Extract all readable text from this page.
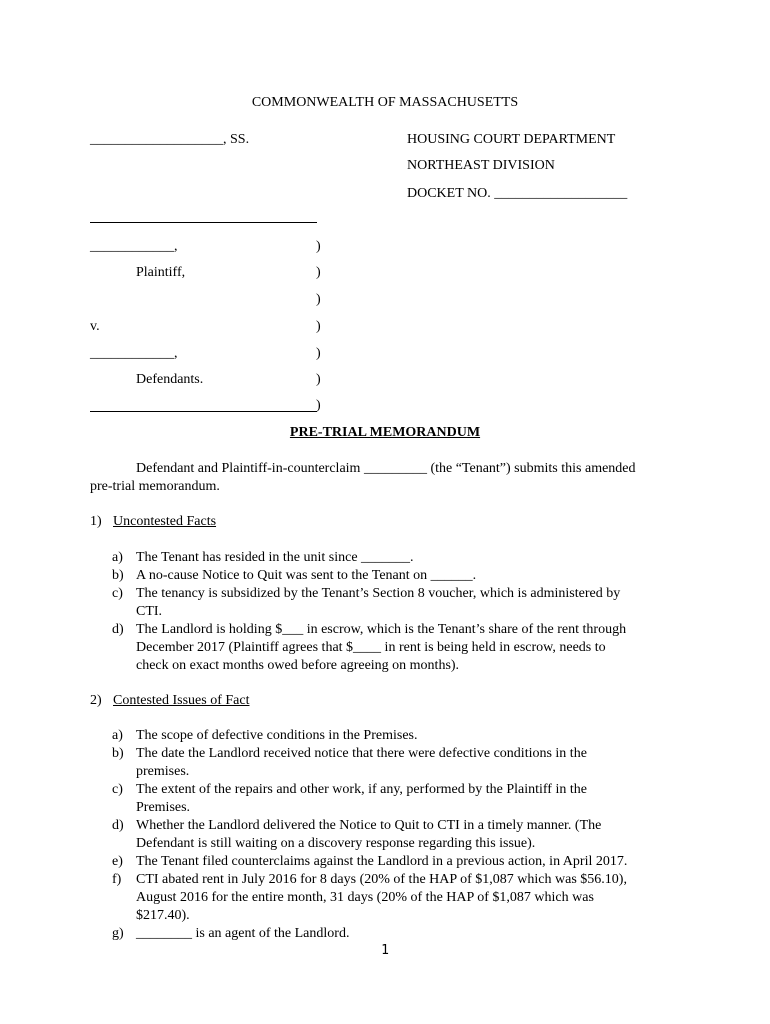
COMMONWEALTH OF MASSACHUSETTS
___________________, SS.	HOUSING COURT DEPARTMENT
NORTHEAST DIVISION
DOCKET NO. ___________________
____________,
Plaintiff,
v.
____________,
Defendants.
)
)
)
)
)
)
)
PRE-TRIAL MEMORANDUM
Defendant and Plaintiff-in-counterclaim _________ (the “Tenant”) submits this amended
pre-trial memorandum.
1) Uncontested Facts
a) The Tenant has resided in the unit since _______.
b) A no-cause Notice to Quit was sent to the Tenant on ______.
c) The tenancy is subsidized by the Tenant’s Section 8 voucher, which is administered by
CTI.
d) The Landlord is holding $___ in escrow, which is the Tenant’s share of the rent through
December 2017 (Plaintiff agrees that $____ in rent is being held in escrow, needs to
check on exact months owed before agreeing on months).
2) Contested Issues of Fact
a) The scope of defective conditions in the Premises.
b) The date the Landlord received notice that there were defective conditions in the
premises.
c) The extent of the repairs and other work, if any, performed by the Plaintiff in the
Premises.
d) Whether the Landlord delivered the Notice to Quit to CTI in a timely manner. (The
Defendant is still waiting on a discovery response regarding this issue).
e) The Tenant filed counterclaims against the Landlord in a previous action, in April 2017.
f) CTI abated rent in July 2016 for 8 days (20% of the HAP of $1,087 which was $56.10),
August 2016 for the entire month, 31 days (20% of the HAP of $1,087 which was
$217.40).
g) ________ is an agent of the Landlord.
1
